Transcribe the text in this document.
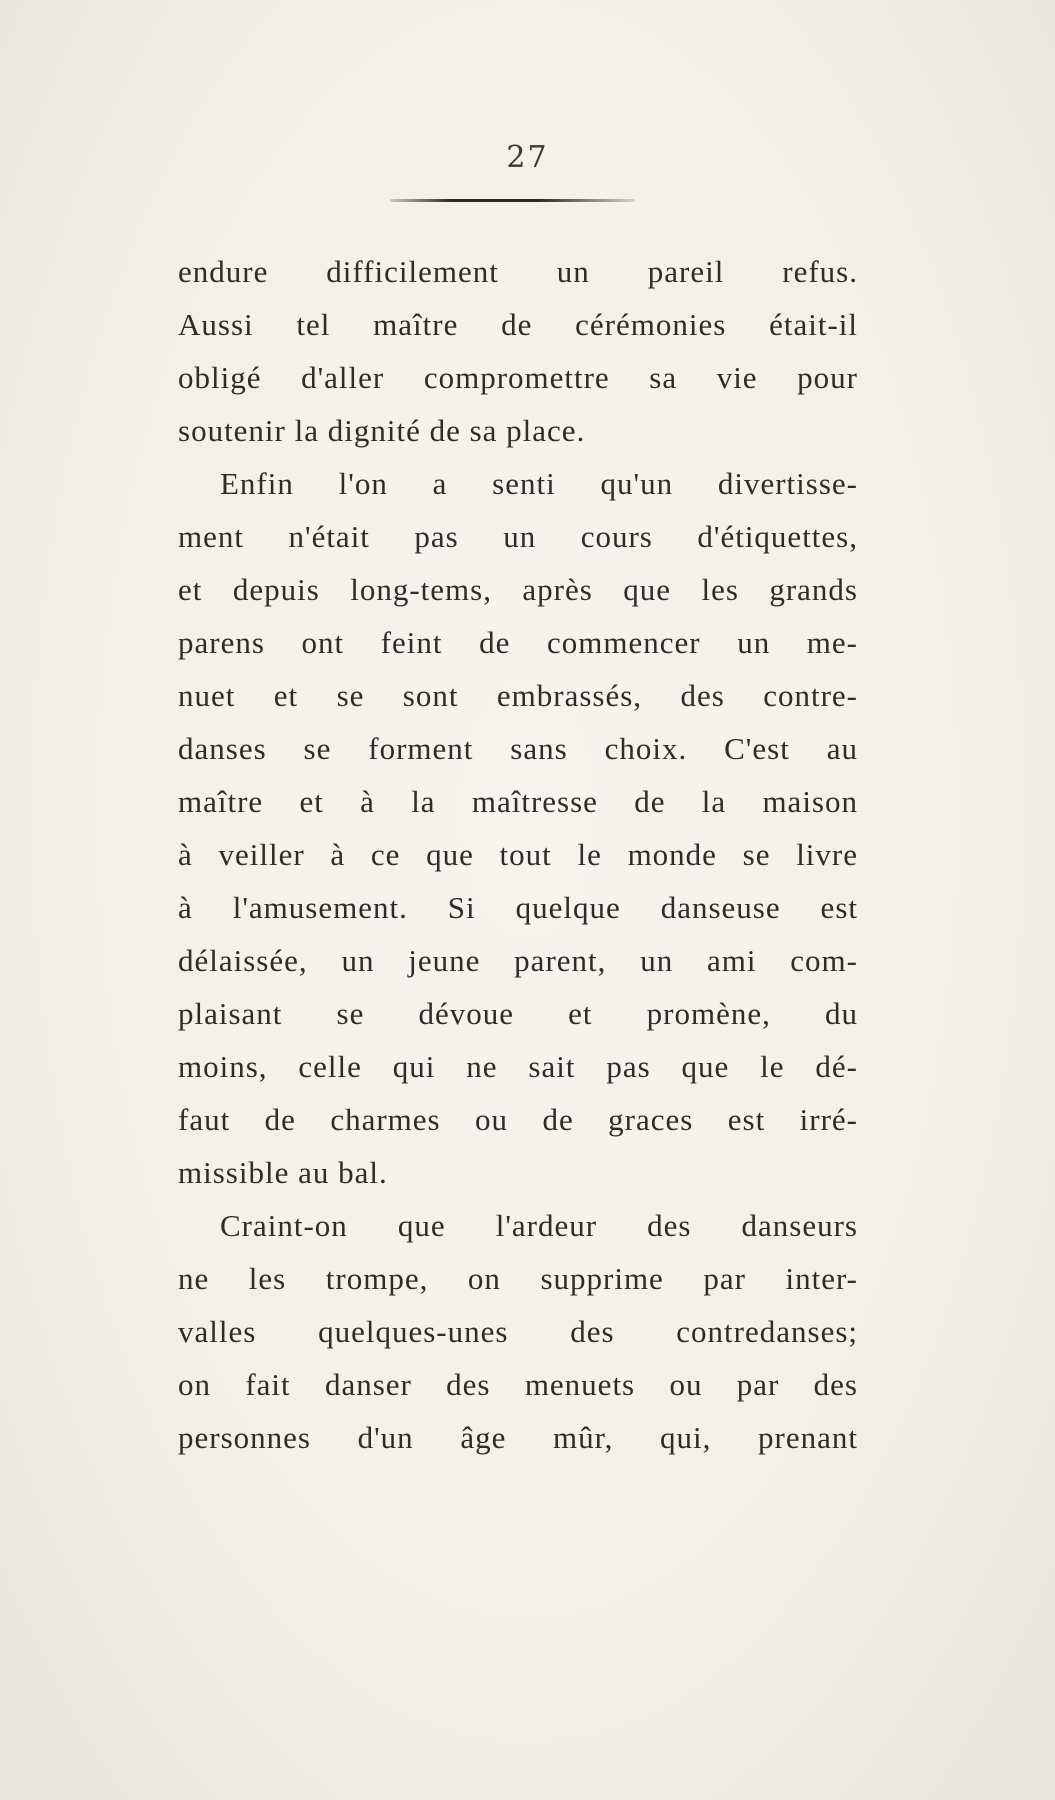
27
endure difficilement un pareil refus.
Aussi tel maître de cérémonies était-il
obligé d'aller compromettre sa vie pour
soutenir la dignité de sa place.
Enfin l'on a senti qu'un divertisse-
ment n'était pas un cours d'étiquettes,
et depuis long-tems, après que les grands
parens ont feint de commencer un me-
nuet et se sont embrassés, des contre-
danses se forment sans choix. C'est au
maître et à la maîtresse de la maison
à veiller à ce que tout le monde se livre
à l'amusement. Si quelque danseuse est
délaissée, un jeune parent, un ami com-
plaisant se dévoue et promène, du
moins, celle qui ne sait pas que le dé-
faut de charmes ou de graces est irré-
missible au bal.
Craint-on que l'ardeur des danseurs
ne les trompe, on supprime par inter-
valles quelques-unes des contredanses;
on fait danser des menuets ou par des
personnes d'un âge mûr, qui, prenant
